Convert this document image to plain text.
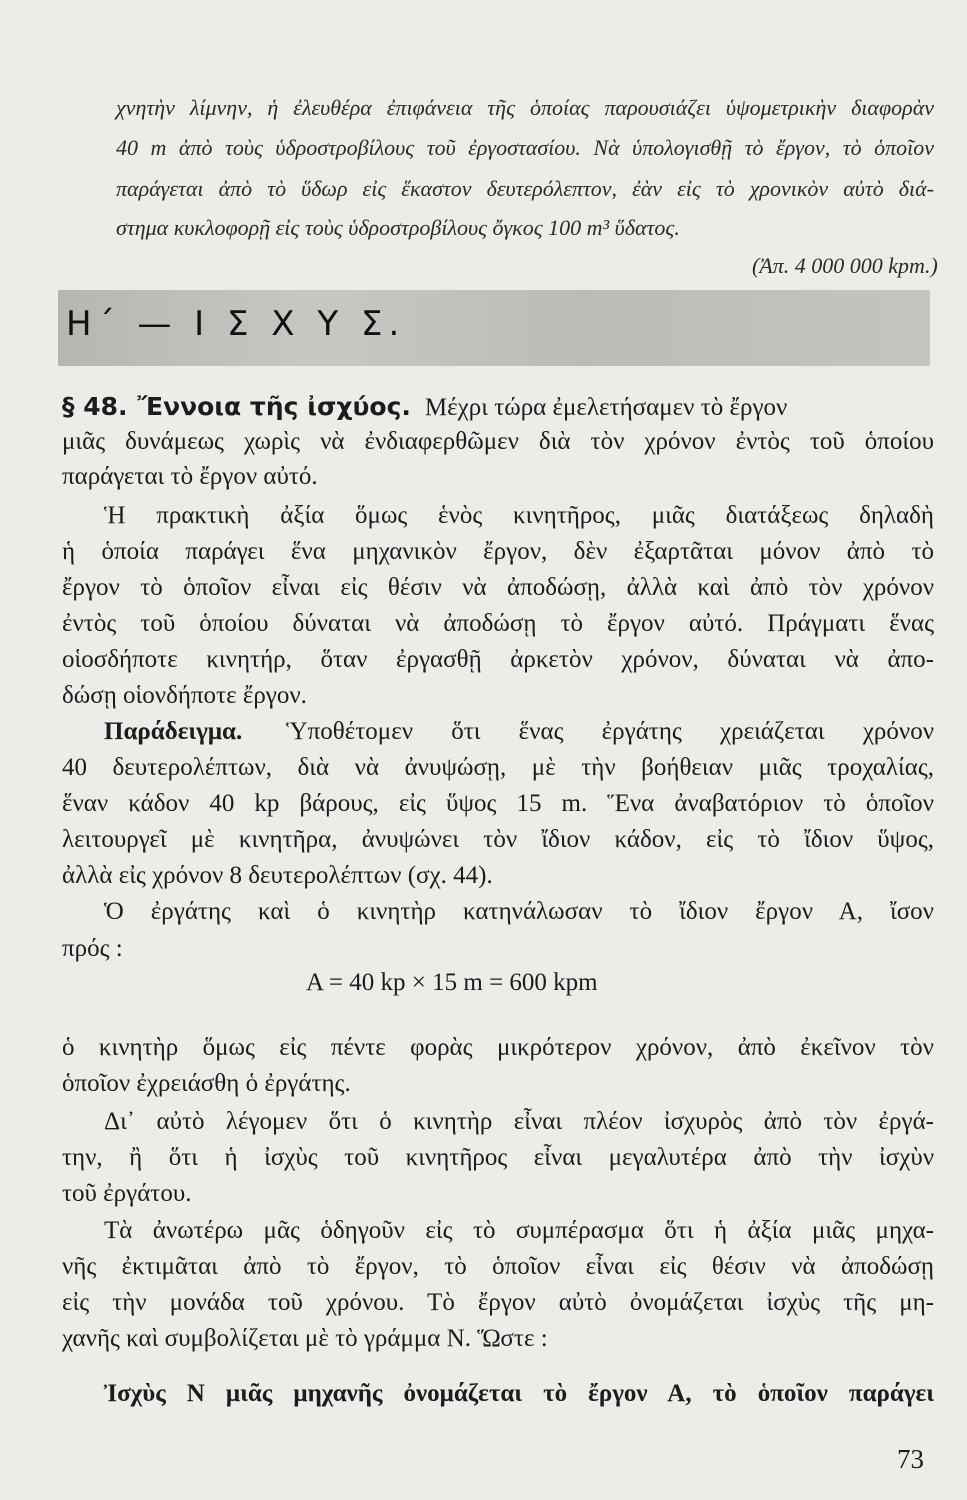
χνητὴν λίμνην, ἡ ἐλευθέρα ἐπιφάνεια τῆς ὁποίας παρουσιάζει ὑψομετρικὴν διαφορὰν
40 m ἀπὸ τοὺς ὑδροστροβίλους τοῦ ἐργοστασίου. Νὰ ὑπολογισθῇ τὸ ἔργον, τὸ ὁποῖον
παράγεται ἀπὸ τὸ ὕδωρ εἰς ἕκαστον δευτερόλεπτον, ἐὰν εἰς τὸ χρονικὸν αὐτὸ διά-
στημα κυκλοφορῇ εἰς τοὺς ὑδροστροβίλους ὄγκος 100 m³ ὕδατος.
(Ἀπ. 4 000 000 kpm.)
Η΄ — Ι Σ Χ Υ Σ.
§ 48. Ἔννοια τῆς ἰσχύος. Μέχρι τώρα ἐμελετήσαμεν τὸ ἔργον
μιᾶς δυνάμεως χωρὶς νὰ ἐνδιαφερθῶμεν διὰ τὸν χρόνον ἐντὸς τοῦ ὁποίου
παράγεται τὸ ἔργον αὐτό.
Ἡ πρακτικὴ ἀξία ὅμως ἑνὸς κινητῆρος, μιᾶς διατάξεως δηλαδὴ
ἡ ὁποία παράγει ἕνα μηχανικὸν ἔργον, δὲν ἐξαρτᾶται μόνον ἀπὸ τὸ
ἔργον τὸ ὁποῖον εἶναι εἰς θέσιν νὰ ἀποδώσῃ, ἀλλὰ καὶ ἀπὸ τὸν χρόνον
ἐντὸς τοῦ ὁποίου δύναται νὰ ἀποδώσῃ τὸ ἔργον αὐτό. Πράγματι ἕνας
οἱοσδήποτε κινητήρ, ὅταν ἐργασθῇ ἀρκετὸν χρόνον, δύναται νὰ ἀπο-
δώσῃ οἱονδήποτε ἔργον.
Παράδειγμα. Ὑποθέτομεν ὅτι ἕνας ἐργάτης χρειάζεται χρόνον
40 δευτερολέπτων, διὰ νὰ ἀνυψώσῃ, μὲ τὴν βοήθειαν μιᾶς τροχαλίας,
ἕναν κάδον 40 kp βάρους, εἰς ὕψος 15 m. Ἕνα ἀναβατόριον τὸ ὁποῖον
λειτουργεῖ μὲ κινητῆρα, ἀνυψώνει τὸν ἴδιον κάδον, εἰς τὸ ἴδιον ὕψος,
ἀλλὰ εἰς χρόνον 8 δευτερολέπτων (σχ. 44).
Ὁ ἐργάτης καὶ ὁ κινητὴρ κατηνάλωσαν τὸ ἴδιον ἔργον Α, ἴσον
πρός :
Α = 40 kp × 15 m = 600 kpm
ὁ κινητὴρ ὅμως εἰς πέντε φορὰς μικρότερον χρόνον, ἀπὸ ἐκεῖνον τὸν
ὁποῖον ἐχρειάσθη ὁ ἐργάτης.
Δι᾽ αὐτὸ λέγομεν ὅτι ὁ κινητὴρ εἶναι πλέον ἰσχυρὸς ἀπὸ τὸν ἐργά-
την, ἢ ὅτι ἡ ἰσχὺς τοῦ κινητῆρος εἶναι μεγαλυτέρα ἀπὸ τὴν ἰσχὺν
τοῦ ἐργάτου.
Τὰ ἀνωτέρω μᾶς ὁδηγοῦν εἰς τὸ συμπέρασμα ὅτι ἡ ἀξία μιᾶς μηχα-
νῆς ἐκτιμᾶται ἀπὸ τὸ ἔργον, τὸ ὁποῖον εἶναι εἰς θέσιν νὰ ἀποδώσῃ
εἰς τὴν μονάδα τοῦ χρόνου. Τὸ ἔργον αὐτὸ ὀνομάζεται ἰσχὺς τῆς μη-
χανῆς καὶ συμβολίζεται μὲ τὸ γράμμα Ν. Ὥστε :
Ἰσχὺς Ν μιᾶς μηχανῆς ὀνομάζεται τὸ ἔργον Α, τὸ ὁποῖον παράγει
73
